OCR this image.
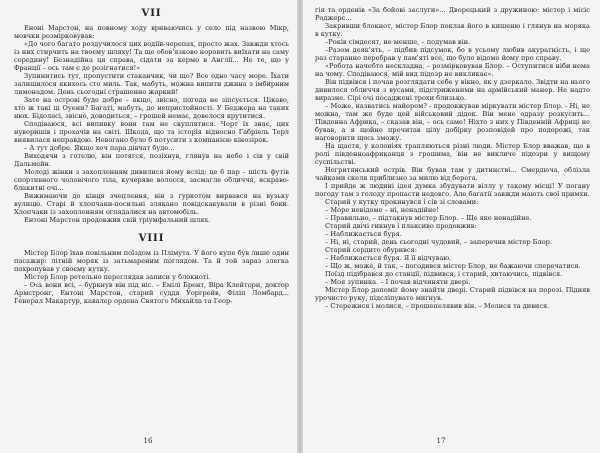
VII

Еноні Марстон, на повному ходу вриваючись у село під назвою Мікр, мовчки розмірковував:

«До чого багато роздучилося цих водіїв-черепах, просто жах. Завжди хтось із них стирчить на твоєму шляху! Та ще обов'язково норовить виїхати на саму середину! Безнадійна ця справа, сідати за кермо в Англії... Не те, що у Франції – ось там є де розігнатися!»

Зупинитись тут, пропустити стаканчик, чи що? Все одно часу море. Їхати залишилося якихось сто миль. Так, мабуть, можна випити джина з імбирним лимонадом. День сьогодні страшенно жаркий!

Зате на острові буде добре – якщо, звісно, погода не зіпсується. Цікаво, хто ж такі ці Оуени? Багаті, мабуть, до непристойності. У Беджера на таких нюх. Бідоласі, звісно, доводиться, – грошей немає, довелося крутитися.

Сподіваюся, всі випивку вони там не скуплятися. Чорт їх знає, цих нуворишів і прохачів на світі. Шкода, що та історія відносно Габріель Терл виявилася неправдою. Невогано було б потусити з компанією кінозірок.

– А тут добре. Якщо хоч пара дівчат буде...

Виходячи з готелю, він потягся, позіхнув, глянув на небо і сів у свій Дальмейн.

Молоді жінки з захопленням дивилися йому вслід: це 6 пар – шість футів спортивного чоловічого тіла, кучеряве волосся, засмагле обличчя, яскраво-блакитні очі...

Вижимаючи до кінця зчеплення, він з гуркотом вирвався на вузьку вулицю. Старі й хлопчаки-посильні злякано повідскакували в різні боки. Хлопчаки із захопленням оглядалися на автомобіль.

Ентоні Марстон продовжив свій тріумфальний шлях.

VIII

Містер Блор їхав повільним поїздом із Плімута. У його купе був лише один пасажир: літній моряк із затьмареним поглядом. Та й той зараз злегка похропував у своєму кутку.

Містер Блор ретельно переглядав записи у блокноті.

– Ось вони всі, – буркнув він під ніс. – Емілі Брент, Віра Клейторн, доктор Армстронг, Ентоні Марстон, старий суддя Уоргрейв, Філіп Ломбард... Генерал Макартур, кавалер ордена Святого Михайла та Геор-

16

гія та орденів «За бойові заслуги»... Дворецький з дружиною: містер і місіс Роджерс...

Закривши блокнот, містер Блор поклав його в кишеню і глянув на моряка в кутку.

–Років сімдесят, не менше, – подумав він.

–Разом деяк'ять, – підбив підсумок, бо в усьому любив акуратність, і ще раз старанно перебрав у пам'яті все, що було відомо йому про справу.

«Робота начебто нескладна, – розмірковував Блор. – Оступитися ніби нема на чому. Сподіваюся, мій вид підозр не викликає».

Він підвівся і почав розглядати себе у вікно, як у дзеркало. Звідти на нього дивилося обличчя з вусами, підстриженими на армійський манер. Не надто виразне. Сірі очі посаджені трохи близько.

– Може, назватись майором? - продовжував міркувати містер Блор. - Ні, не можна, там же буде цей військовий дідок. Він мене одразу розкусить... Південна Африка, – сказав він, – ось саме! Ніхто з них у Південній Африці не бував, а я щойно прочитав цілу добірку розповідей про подорожі, так наговорити щось зможу.

На щастя, у колоніях трапляються різні люди. Містер Блор вважав, що в ролі південноафриканця з грошима, він не викличе підозри у вищому суспільстві.

Негритянський острів. Він бував там у дитинстві... Смердюча, облізла чайками скеля приблизно за милю від берега.

І прийде ж людині ідея думка збудувати віллу у такому місці! У погану погоду там з голоду пропасти недовго. Але багатії завжди мають свої примхи.

Старий у кутку прокинувся і сів зі словами:

– Море невідоме – ні, ненадійне!

– Правильно, – підтакнув містер Блор. – Ще яке ненадійне.

Старий двічі гикнув і плаксиво продовжив:

– Наближається буря.

– Ні, ні, старий, день сьогодні чудовий, – заперечив містер Блор.

Старий сердито обурився:

– Наближається буря. Я її відчуваю.

– Що ж, може, й так, – погодився містер Блор, не бажаючи сперечатися.

Поїзд підібрався до станції, підвився, і старий, хитаючись, підвівся.

– Моя зупинка. – І почав відчиняти двері.

Містер Блор допоміг йому знайти двері. Старий підвівся на порозі. Підняв урочисто руку, підсліпувато мигнув.

– Стережися і молися, – прошепелявив він. – Молися та дивися.

17
